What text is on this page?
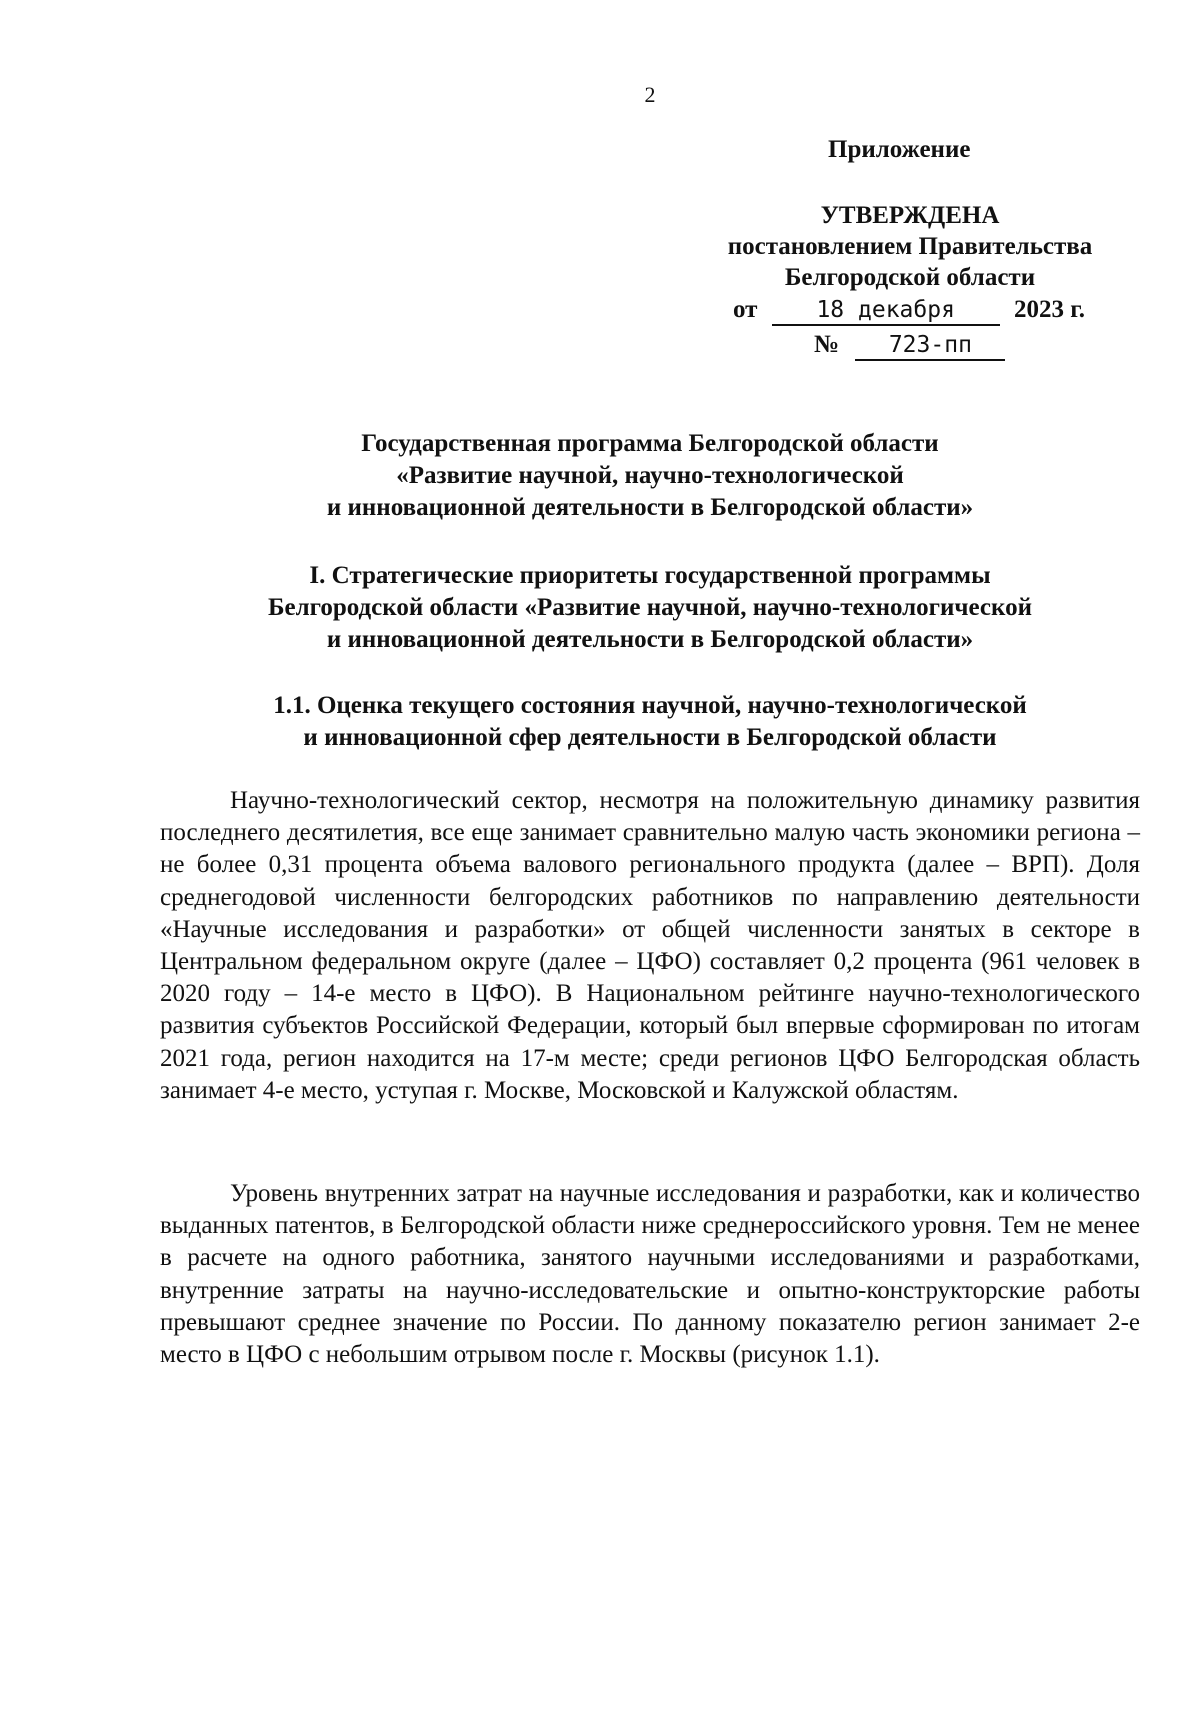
2
Приложение
УТВЕРЖДЕНА
постановлением Правительства
Белгородской области
от	18 декабря 2023 г.
№ 723-пп
Государственная программа Белгородской области
«Развитие научной, научно-технологической
и инновационной деятельности в Белгородской области»
I. Стратегические приоритеты государственной программы
Белгородской области «Развитие научной, научно-технологической
и инновационной деятельности в Белгородской области»
1.1. Оценка текущего состояния научной, научно-технологической
и инновационной сфер деятельности в Белгородской области

Научно-технологический сектор, несмотря на положительную динамику развития последнего десятилетия, все еще занимает сравнительно малую часть экономики региона – не более 0,31 процента объема валового регионального продукта (далее – ВРП). Доля среднегодовой численности белгородских работников по направлению деятельности «Научные исследования и разработки» от общей численности занятых в секторе в Центральном федеральном округе (далее – ЦФО) составляет 0,2 процента (961 человек в 2020 году – 14-е место в ЦФО). В Национальном рейтинге научно-технологического развития субъектов Российской Федерации, который был впервые сформирован по итогам 2021 года, регион находится на 17-м месте; среди регионов ЦФО Белгородская область занимает 4-е место, уступая г. Москве, Московской и Калужской областям.

Уровень внутренних затрат на научные исследования и разработки, как и количество выданных патентов, в Белгородской области ниже среднероссийского уровня. Тем не менее в расчете на одного работника, занятого научными исследованиями и разработками, внутренние затраты на научно-исследовательские и опытно-конструкторские работы превышают среднее значение по России. По данному показателю регион занимает 2-е место в ЦФО с небольшим отрывом после г. Москвы (рисунок 1.1).
